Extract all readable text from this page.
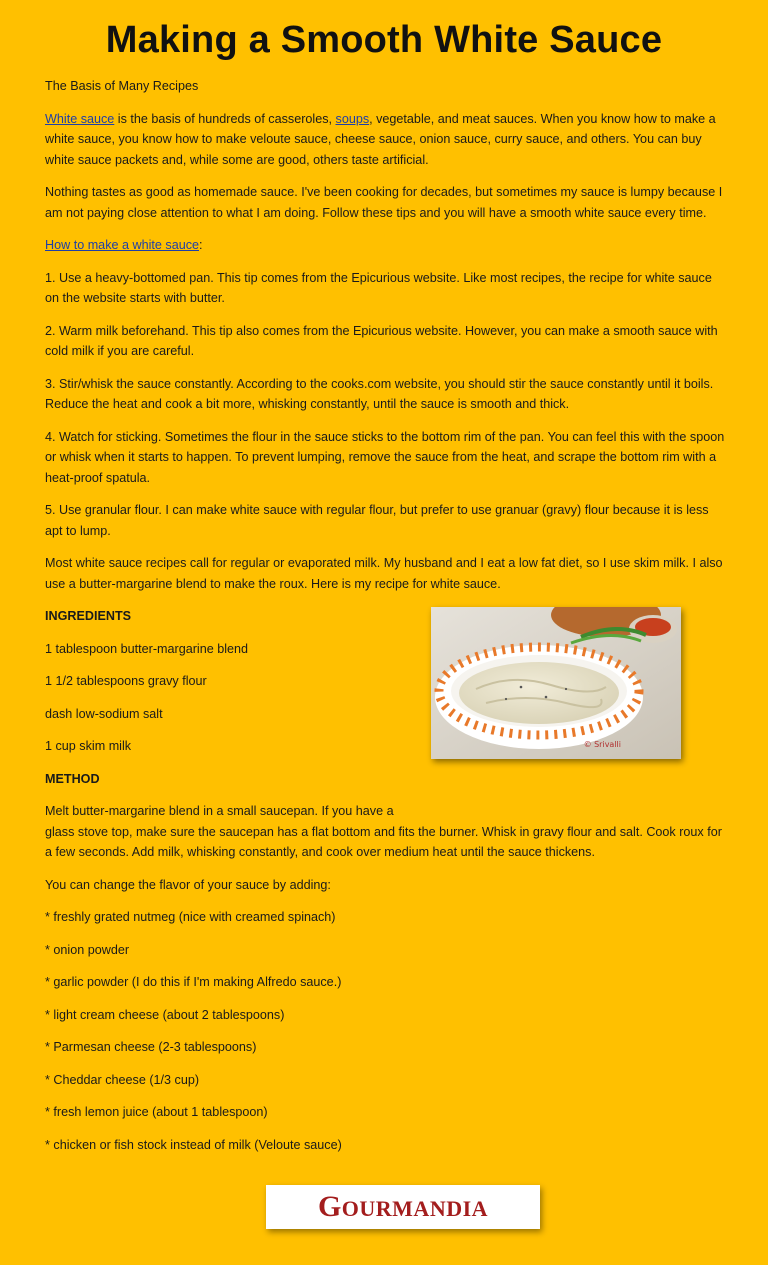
Making a Smooth White Sauce

The Basis of Many Recipes

White sauce is the basis of hundreds of casseroles, soups, vegetable, and meat sauces. When you know how to make a white sauce, you know how to make veloute sauce, cheese sauce, onion sauce, curry sauce, and others. You can buy white sauce packets and, while some are good, others taste artificial.

Nothing tastes as good as homemade sauce. I've been cooking for decades, but sometimes my sauce is lumpy because I am not paying close attention to what I am doing. Follow these tips and you will have a smooth white sauce every time.

How to make a white sauce:

1. Use a heavy-bottomed pan. This tip comes from the Epicurious website. Like most recipes, the recipe for white sauce on the website starts with butter.

2. Warm milk beforehand. This tip also comes from the Epicurious website. However, you can make a smooth sauce with cold milk if you are careful.

3. Stir/whisk the sauce constantly. According to the cooks.com website, you should stir the sauce constantly until it boils. Reduce the heat and cook a bit more, whisking constantly, until the sauce is smooth and thick.

4. Watch for sticking. Sometimes the flour in the sauce sticks to the bottom rim of the pan. You can feel this with the spoon or whisk when it starts to happen. To prevent lumping, remove the sauce from the heat, and scrape the bottom rim with a heat-proof spatula.

5. Use granular flour. I can make white sauce with regular flour, but prefer to use granuar (gravy) flour because it is less apt to lump.

Most white sauce recipes call for regular or evaporated milk. My husband and I eat a low fat diet, so I use skim milk. I also use a butter-margarine blend to make the roux. Here is my recipe for white sauce.

INGREDIENTS

1 tablespoon butter-margarine blend

1 1/2 tablespoons gravy flour

dash low-sodium salt

1 cup skim milk

METHOD

Melt butter-margarine blend in a small saucepan. If you have a
glass stove top, make sure the saucepan has a flat bottom and fits the burner. Whisk in gravy flour and salt. Cook roux for a few seconds. Add milk, whisking constantly, and cook over medium heat until the sauce thickens.

You can change the flavor of your sauce by adding:

* freshly grated nutmeg (nice with creamed spinach)

* onion powder

* garlic powder (I do this if I'm making Alfredo sauce.)

* light cream cheese (about 2 tablespoons)

* Parmesan cheese (2-3 tablespoons)

* Cheddar cheese (1/3 cup)

* fresh lemon juice (about 1 tablespoon)

* chicken or fish stock instead of milk (Veloute sauce)

© Srivalli
GOURMANDIA
